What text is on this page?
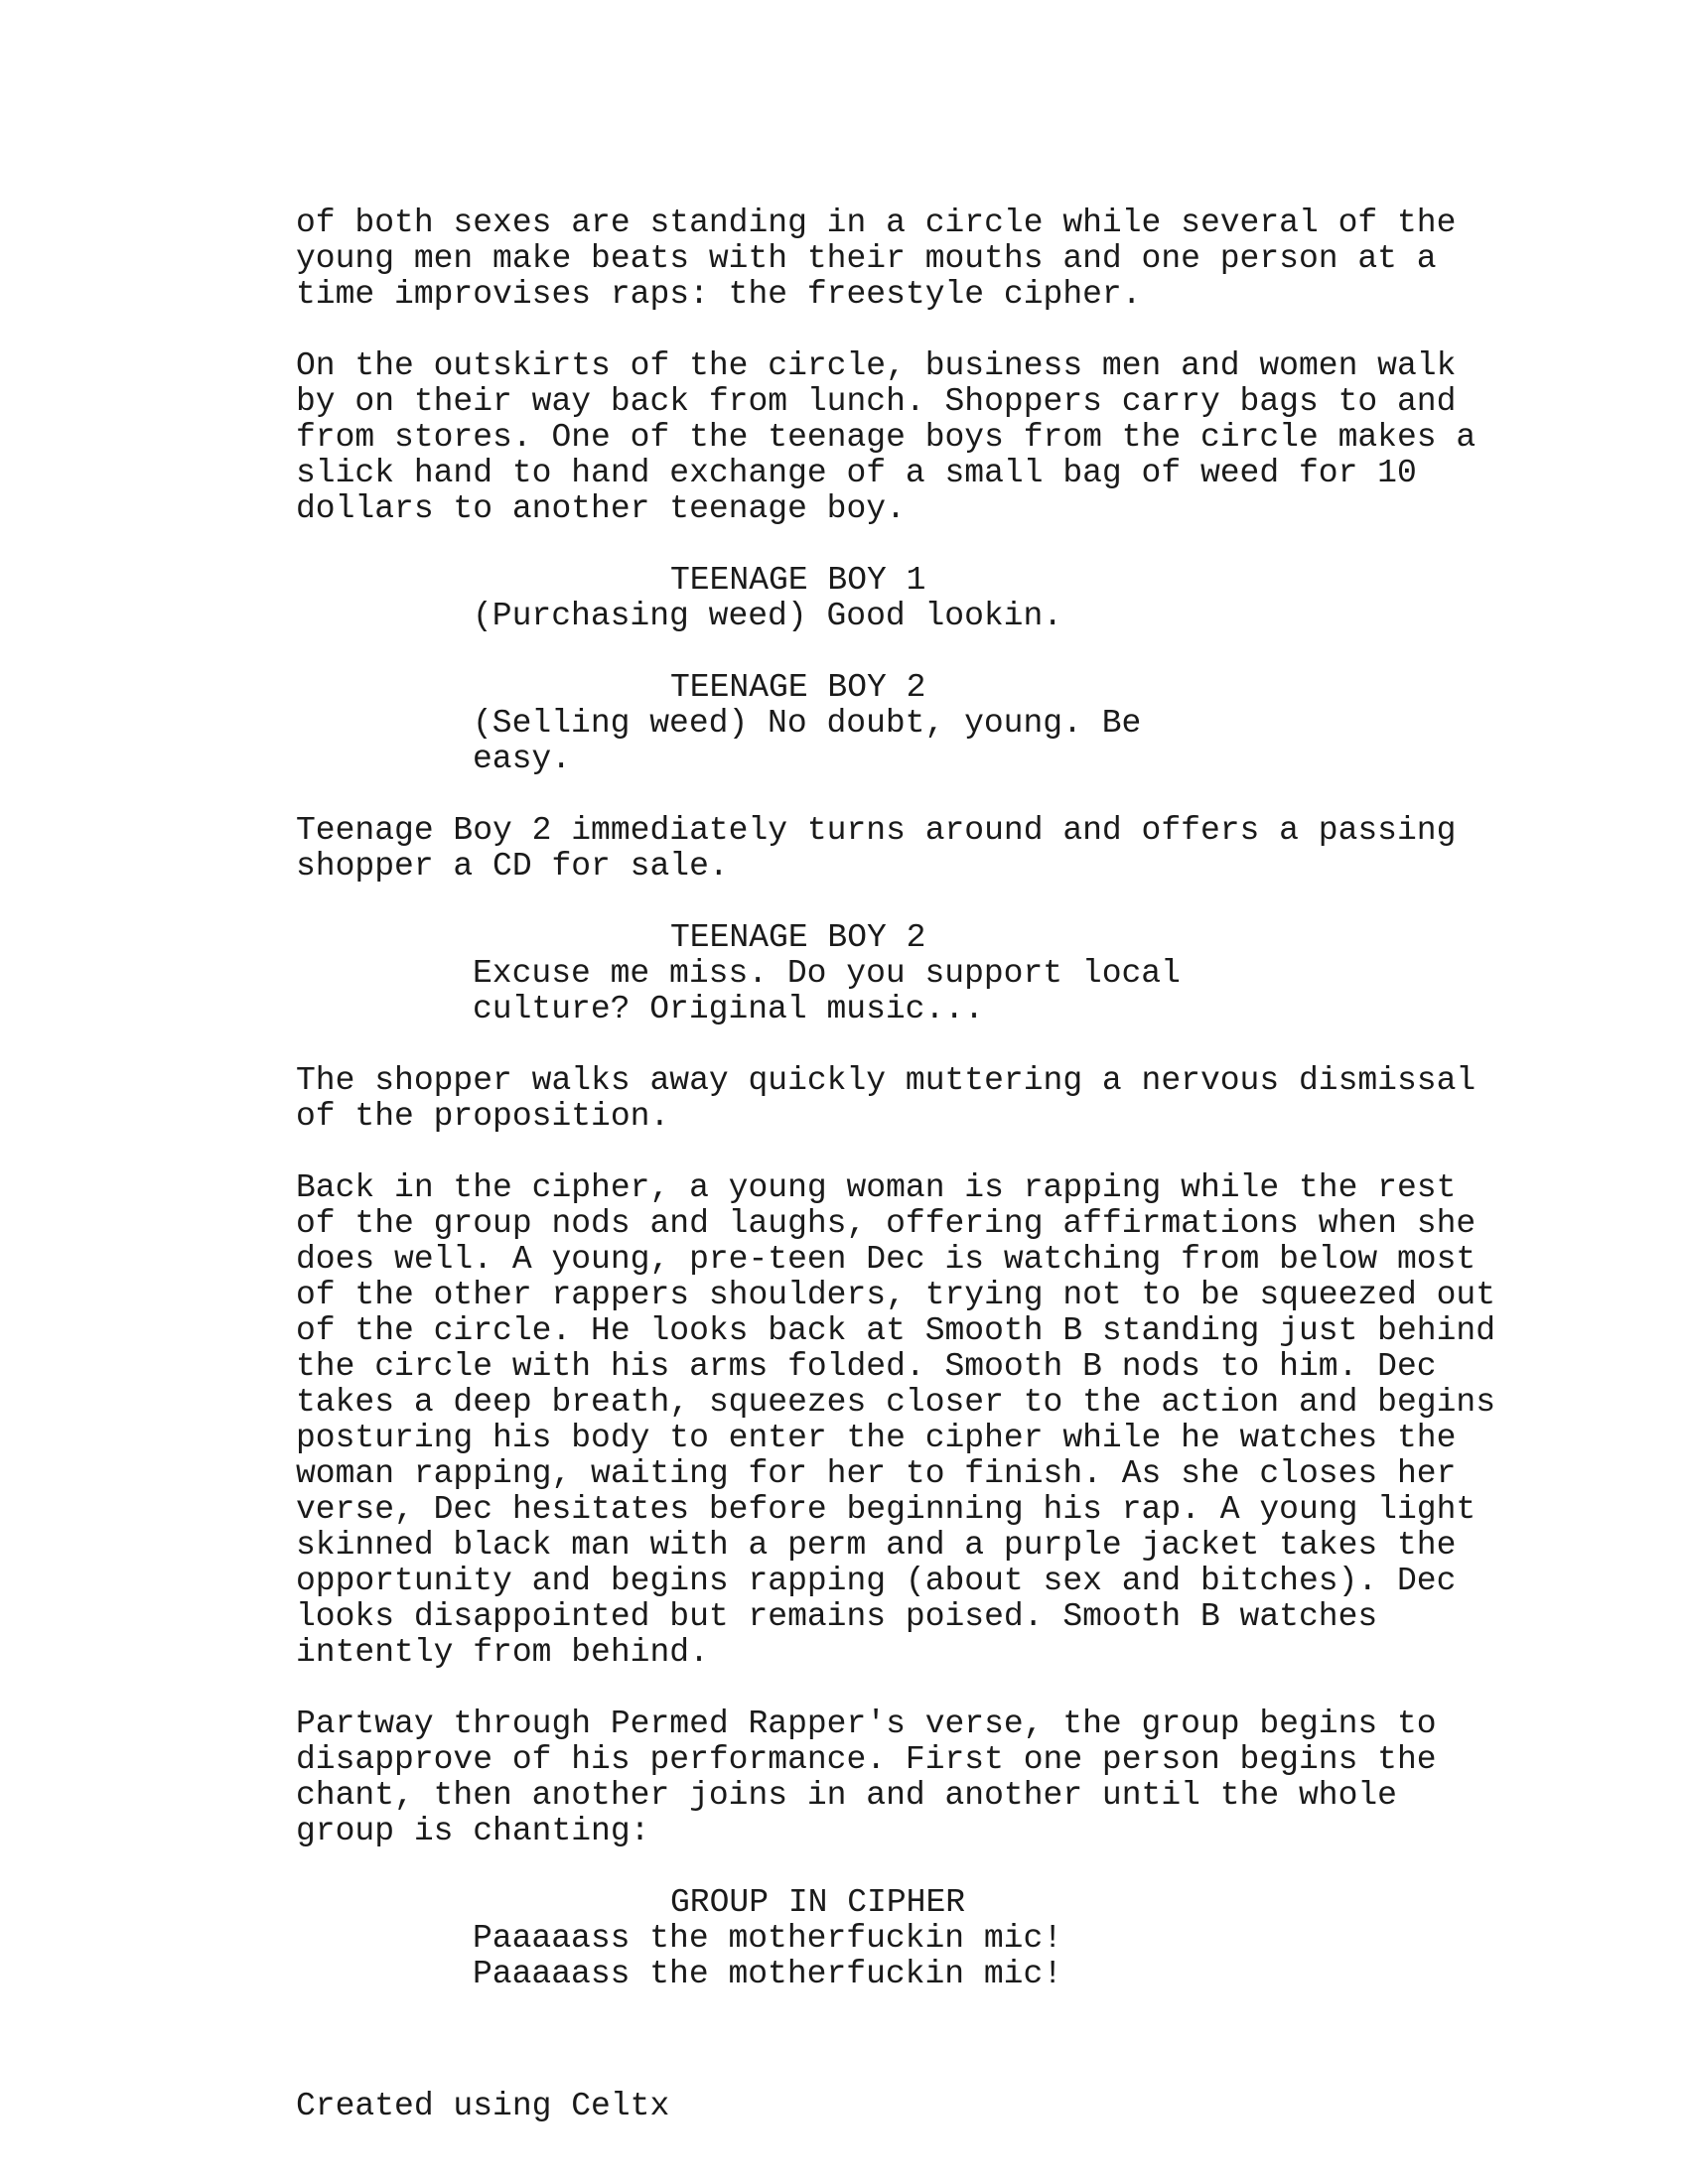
of both sexes are standing in a circle while several of the
young men make beats with their mouths and one person at a
time improvises raps: the freestyle cipher.
On the outskirts of the circle, business men and women walk
by on their way back from lunch. Shoppers carry bags to and
from stores. One of the teenage boys from the circle makes a
slick hand to hand exchange of a small bag of weed for 10
dollars to another teenage boy.
TEENAGE BOY 1
(Purchasing weed) Good lookin.
TEENAGE BOY 2
(Selling weed) No doubt, young. Be
easy.
Teenage Boy 2 immediately turns around and offers a passing
shopper a CD for sale.
TEENAGE BOY 2
Excuse me miss. Do you support local
culture? Original music...
The shopper walks away quickly muttering a nervous dismissal
of the proposition.
Back in the cipher, a young woman is rapping while the rest
of the group nods and laughs, offering affirmations when she
does well. A young, pre-teen Dec is watching from below most
of the other rappers shoulders, trying not to be squeezed out
of the circle. He looks back at Smooth B standing just behind
the circle with his arms folded. Smooth B nods to him. Dec
takes a deep breath, squeezes closer to the action and begins
posturing his body to enter the cipher while he watches the
woman rapping, waiting for her to finish. As she closes her
verse, Dec hesitates before beginning his rap. A young light
skinned black man with a perm and a purple jacket takes the
opportunity and begins rapping (about sex and bitches). Dec
looks disappointed but remains poised. Smooth B watches
intently from behind.
Partway through Permed Rapper's verse, the group begins to
disapprove of his performance. First one person begins the
chant, then another joins in and another until the whole
group is chanting:
GROUP IN CIPHER
Paaaaass the motherfuckin mic!
Paaaaass the motherfuckin mic!
Created using Celtx
